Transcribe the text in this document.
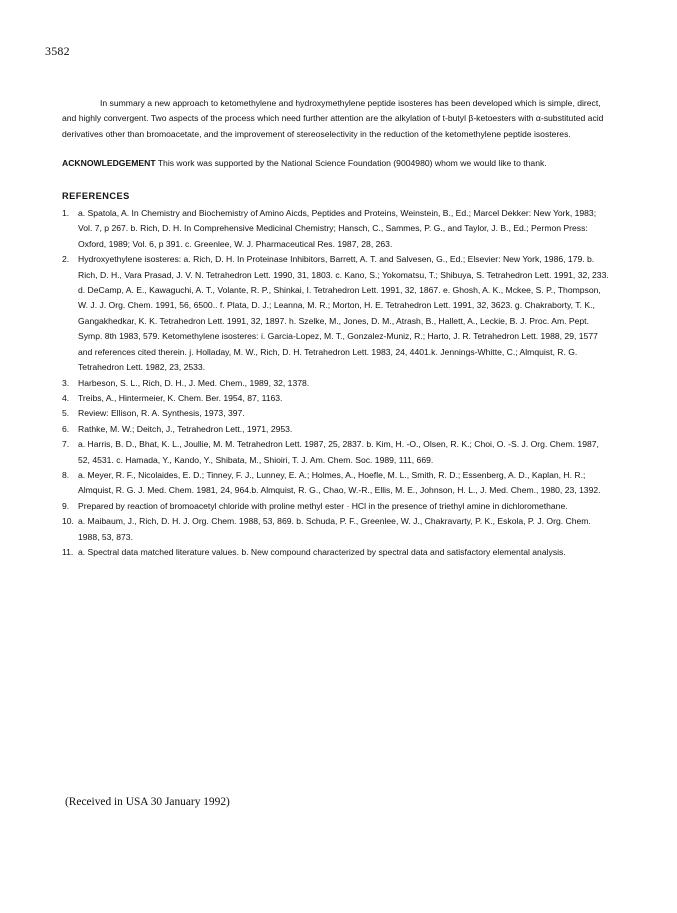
3582

In summary a new approach to ketomethylene and hydroxymethylene peptide isosteres has been developed which is simple, direct, and highly convergent. Two aspects of the process which need further attention are the alkylation of t-butyl β-ketoesters with α-substituted acid derivatives other than bromoacetate, and the improvement of stereoselectivity in the reduction of the ketomethylene peptide isosteres.

ACKNOWLEDGEMENT This work was supported by the National Science Foundation (9004980) whom we would like to thank.

REFERENCES
1. a. Spatola, A. In Chemistry and Biochemistry of Amino Aicds, Peptides and Proteins, Weinstein, B., Ed.; Marcel Dekker: New York, 1983; Vol. 7, p 267. b. Rich, D. H. In Comprehensive Medicinal Chemistry; Hansch, C., Sammes, P. G., and Taylor, J. B., Ed.; Permon Press: Oxford, 1989; Vol. 6, p 391. c. Greenlee, W. J. Pharmaceutical Res. 1987, 28, 263.
2. Hydroxyethylene isosteres: a. Rich, D. H. In Proteinase Inhibitors, Barrett, A. T. and Salvesen, G., Ed.; Elsevier: New York, 1986, 179. b. Rich, D. H., Vara Prasad, J. V. N. Tetrahedron Lett. 1990, 31, 1803. c. Kano, S.; Yokomatsu, T.; Shibuya, S. Tetrahedron Lett. 1991, 32, 233. d. DeCamp, A. E., Kawaguchi, A. T., Volante, R. P., Shinkai, I. Tetrahedron Lett. 1991, 32, 1867. e. Ghosh, A. K., Mckee, S. P., Thompson, W. J. J. Org. Chem. 1991, 56, 6500.. f. Plata, D. J.; Leanna, M. R.; Morton, H. E. Tetrahedron Lett. 1991, 32, 3623. g. Chakraborty, T. K., Gangakhedkar, K. K. Tetrahedron Lett. 1991, 32, 1897. h. Szelke, M., Jones, D. M., Atrash, B., Hallett, A., Leckie, B. J. Proc. Am. Pept. Symp. 8th 1983, 579. Ketomethylene isosteres: i. Garcia-Lopez, M. T., Gonzalez-Muniz, R.; Harto, J. R. Tetrahedron Lett. 1988, 29, 1577 and references cited therein. j. Holladay, M. W., Rich, D. H. Tetrahedron Lett. 1983, 24, 4401.k. Jennings-Whitte, C.; Almquist, R. G. Tetrahedron Lett. 1982, 23, 2533.
3. Harbeson, S. L., Rich, D. H., J. Med. Chem., 1989, 32, 1378.
4. Treibs, A., Hintermeier, K. Chem. Ber. 1954, 87, 1163.
5. Review: Ellison, R. A. Synthesis, 1973, 397.
6. Rathke, M. W.; Deitch, J., Tetrahedron Lett., 1971, 2953.
7. a. Harris, B. D., Bhat, K. L., Joullie, M. M. Tetrahedron Lett. 1987, 25, 2837. b. Kim, H. -O., Olsen, R. K.; Choi, O. -S. J. Org. Chem. 1987, 52, 4531. c. Hamada, Y., Kando, Y., Shibata, M., Shioiri, T. J. Am. Chem. Soc. 1989, 111, 669.
8. a. Meyer, R. F., Nicolaides, E. D.; Tinney, F. J., Lunney, E. A.; Holmes, A., Hoefle, M. L., Smith, R. D.; Essenberg, A. D., Kaplan, H. R.; Almquist, R. G. J. Med. Chem. 1981, 24, 964.b. Almquist, R. G., Chao, W.-R., Ellis, M. E., Johnson, H. L., J. Med. Chem., 1980, 23, 1392.
9. Prepared by reaction of bromoacetyl chloride with proline methyl ester · HCl in the presence of triethyl amine in dichloromethane.
10. a. Maibaum, J., Rich, D. H. J. Org. Chem. 1988, 53, 869. b. Schuda, P. F., Greenlee, W. J., Chakravarty, P. K., Eskola, P. J. Org. Chem. 1988, 53, 873.
11. a. Spectral data matched literature values. b. New compound characterized by spectral data and satisfactory elemental analysis.
(Received in USA 30 January 1992)
